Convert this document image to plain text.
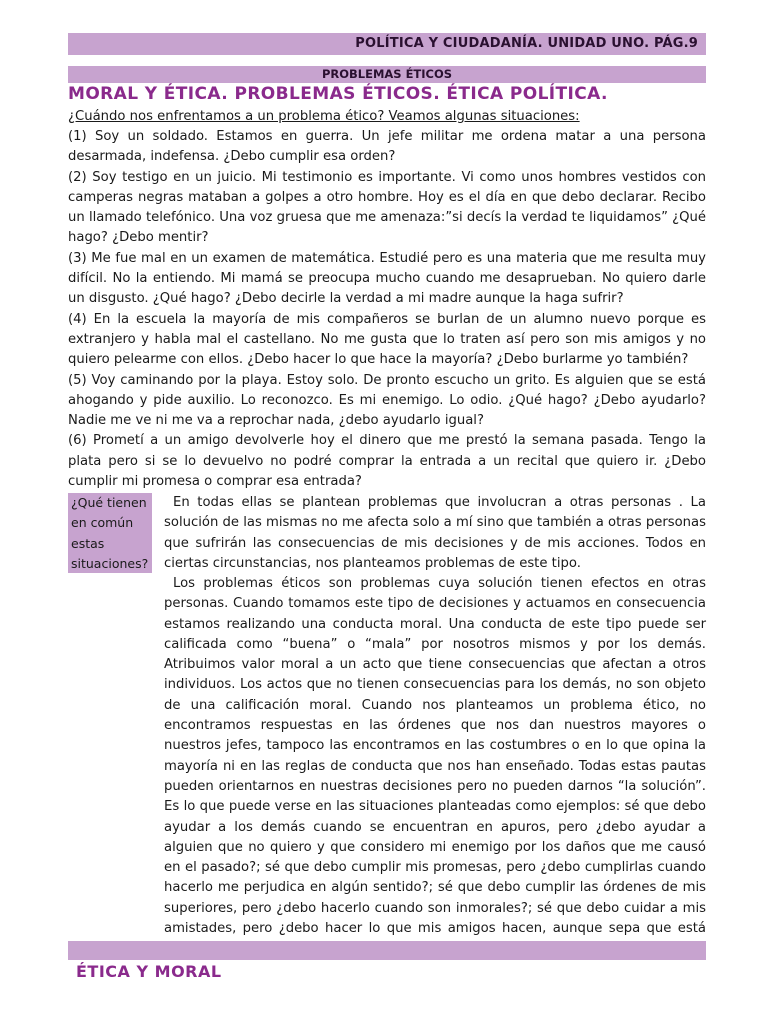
POLÍTICA Y CIUDADANÍA. UNIDAD UNO. PÁG.9
PROBLEMAS ÉTICOS
MORAL Y ÉTICA. PROBLEMAS ÉTICOS. ÉTICA POLÍTICA.
¿Cuándo nos enfrentamos a un problema ético? Veamos algunas situaciones:

(1) Soy un soldado. Estamos en guerra. Un jefe militar me ordena matar a una persona desarmada, indefensa. ¿Debo cumplir esa orden?

(2) Soy testigo en un juicio. Mi testimonio es importante. Vi como unos hombres vestidos con camperas negras mataban a golpes a otro hombre. Hoy es el día en que debo declarar. Recibo un llamado telefónico. Una voz gruesa que me amenaza:”si decís la verdad te liquidamos” ¿Qué hago? ¿Debo mentir?

(3) Me fue mal en un examen de matemática. Estudié pero es una materia que me resulta muy difícil. No la entiendo. Mi mamá se preocupa mucho cuando me desaprueban. No quiero darle un disgusto. ¿Qué hago? ¿Debo decirle la verdad a mi madre aunque la haga sufrir?

(4) En la escuela la mayoría de mis compañeros se burlan de un alumno nuevo porque es extranjero y habla mal el castellano. No me gusta que lo traten así pero son mis amigos y no quiero pelearme con ellos. ¿Debo hacer lo que hace la mayoría? ¿Debo burlarme yo también?

(5) Voy caminando por la playa. Estoy solo. De pronto escucho un grito. Es alguien que se está ahogando y pide auxilio. Lo reconozco. Es mi enemigo. Lo odio. ¿Qué hago? ¿Debo ayudarlo? Nadie me ve ni me va a reprochar nada, ¿debo ayudarlo igual?

(6) Prometí a un amigo devolverle hoy el dinero que me prestó la semana pasada. Tengo la plata pero si se lo devuelvo no podré comprar la entrada a un recital que quiero ir. ¿Debo cumplir mi promesa o comprar esa entrada?

¿Qué tienen en común estas situaciones?

En todas ellas se plantean problemas que involucran a otras personas . La solución de las mismas no me afecta solo a mí sino que también a otras personas que sufrirán las consecuencias de mis decisiones y de mis acciones. Todos en ciertas circunstancias, nos planteamos problemas de este tipo.

Los problemas éticos son problemas cuya solución tienen efectos en otras personas. Cuando tomamos este tipo de decisiones y actuamos en consecuencia estamos realizando una conducta moral. Una conducta de este tipo puede ser calificada como “buena” o “mala” por nosotros mismos y por los demás. Atribuimos valor moral a un acto que tiene consecuencias que afectan a otros individuos. Los actos que no tienen consecuencias para los demás, no son objeto de una calificación moral. Cuando nos planteamos un problema ético, no encontramos respuestas en las órdenes que nos dan nuestros mayores o nuestros jefes, tampoco las encontramos en las costumbres o en lo que opina la mayoría ni en las reglas de conducta que nos han enseñado. Todas estas pautas pueden orientarnos en nuestras decisiones pero no pueden darnos “la solución”. Es lo que puede verse en las situaciones planteadas como ejemplos: sé que debo ayudar a los demás cuando se encuentran en apuros, pero ¿debo ayudar a alguien que no quiero y que considero mi enemigo por los daños que me causó en el pasado?; sé que debo cumplir mis promesas, pero ¿debo cumplirlas cuando hacerlo me perjudica en algún sentido?; sé que debo cumplir las órdenes de mis superiores, pero ¿debo hacerlo cuando son inmorales?; sé que debo cuidar a mis amistades, pero ¿debo hacer lo que mis amigos hacen, aunque sepa que está

ÉTICA Y MORAL
